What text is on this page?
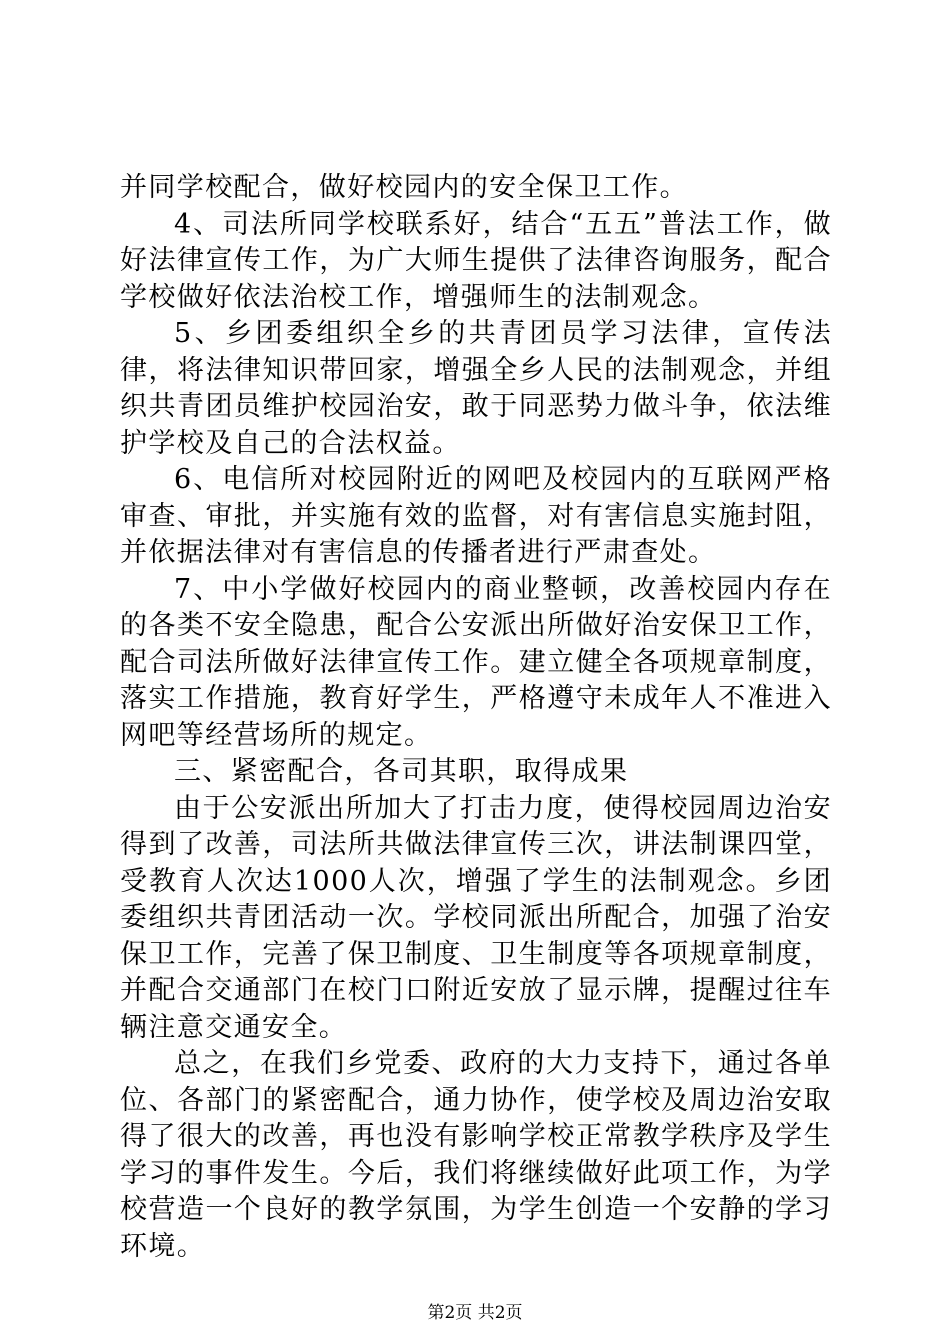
并同学校配合，做好校园内的安全保卫工作。

4、司法所同学校联系好，结合“五五”普法工作，做好法律宣传工作，为广大师生提供了法律咨询服务，配合学校做好依法治校工作，增强师生的法制观念。

5、乡团委组织全乡的共青团员学习法律，宣传法律，将法律知识带回家，增强全乡人民的法制观念，并组织共青团员维护校园治安，敢于同恶势力做斗争，依法维护学校及自己的合法权益。

6、电信所对校园附近的网吧及校园内的互联网严格审查、审批，并实施有效的监督，对有害信息实施封阻，并依据法律对有害信息的传播者进行严肃查处。

7、中小学做好校园内的商业整顿，改善校园内存在的各类不安全隐患，配合公安派出所做好治安保卫工作，配合司法所做好法律宣传工作。建立健全各项规章制度，落实工作措施，教育好学生，严格遵守未成年人不准进入网吧等经营场所的规定。

三、紧密配合，各司其职，取得成果

由于公安派出所加大了打击力度，使得校园周边治安得到了改善，司法所共做法律宣传三次，讲法制课四堂，受教育人次达1000人次，增强了学生的法制观念。乡团委组织共青团活动一次。学校同派出所配合，加强了治安保卫工作，完善了保卫制度、卫生制度等各项规章制度，并配合交通部门在校门口附近安放了显示牌，提醒过往车辆注意交通安全。

总之，在我们乡党委、政府的大力支持下，通过各单位、各部门的紧密配合，通力协作，使学校及周边治安取得了很大的改善，再也没有影响学校正常教学秩序及学生学习的事件发生。今后，我们将继续做好此项工作，为学校营造一个良好的教学氛围，为学生创造一个安静的学习环境。

第2页 共2页
